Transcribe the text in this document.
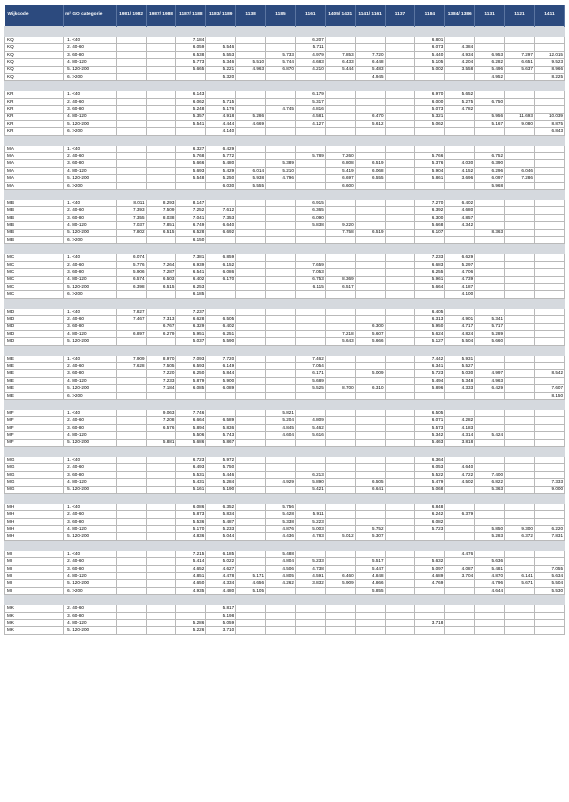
Wijkcode	m² GO categorie	1981/ 1982	1987/ 1988	1187/ 1188	1183/ 1189	1138	1185	1161	1405/ 1431	1141/ 1161	1137	1184	1384/ 1386	1131	1121	1411

KQ	1. <40			7.184				6.207				6.801				
KQ	2. 40-60			6.059	5.546			5.711				6.073	4.384			
KQ	3. 60-80			6.538	5.553		5.733	4.979	7.853	7.720		5.440	4.934	6.953	7.297	12.015
KQ	4. 80-120			5.773	5.346	5.510	5.744	4.683	6.433	6.448		5.105	4.204	6.282	6.651	9.523
KQ	5. 120-200			5.665	5.221	4.963	6.870	4.210	5.444	5.483		5.002	3.558	5.496	5.637	8.966
KQ	6. >200				5.320					4.945				4.952		8.225

KR	1. <40			6.143				6.179				6.970	5.652			
KR	2. 40-60			6.062	5.715			5.317				6.000	5.275	6.750		
KR	3. 60-80			5.248	5.176		4.745	4.816				5.073	4.782			
KR	4. 80-120			5.357	4.918	5.286		4.581		6.470		5.321		5.956	11.693	10.039
KR	5. 120-200			5.541	4.444	4.669		4.127		5.612		5.062		5.167	9.080	8.875
KR	6. >200				4.140											6.843

MA	1. <40			6.327	6.429											
MA	2. 40-60			5.768	5.772			5.789	7.260			5.766		6.752		
MA	3. 60-80			5.666	5.480		5.389		6.808	6.519		5.376	4.030	6.390		
MA	4. 80-120			5.693	5.429	6.014	5.210		5.419	6.068		5.904	4.152	6.296	6.046	
MA	5. 120-200			5.548	5.250	5.938	4.796		6.697	6.555		5.861	3.696	6.097	7.286	
MA	6. >200				6.030	5.555			6.600					5.968		

MB	1. <40	8.011	8.293	8.147				6.915				7.270	6.402			
MB	2. 40-60	7.393	7.509	7.252	7.612			6.365				6.392	4.680			
MB	3. 60-80	7.355	8.038	7.041	7.353			6.090				6.300	4.857			
MB	4. 80-120	7.037	7.851	6.749	6.640			5.838	9.220			5.668	4.342			
MB	5. 120-200	7.802	6.515	6.528	6.692				7.758	6.519		6.107		8.363		
MB	6. >200			6.150												

MC	1. <40	6.074		7.381	6.859							7.233	6.629			
MC	2. 40-60	5.776	7.264	6.939	6.152			7.659				6.683	5.297			
MC	3. 60-80	5.906	7.287	6.541	6.086			7.053				6.255	4.706			
MC	4. 80-120	6.574	6.503	6.402	6.170			6.753	8.369			5.961	4.739			
MC	5. 120-200	6.398	6.515	6.253				6.115	6.517			5.664	4.187			
MC	6. >200			6.185									4.100			

MD	1. <40	7.827		7.237								6.405				
MD	2. 40-60	7.467	7.313	6.628	6.505							6.313	4.901	5.341		
MD	3. 60-80		6.767	6.329	6.402					6.300		5.950	4.717	5.717		
MD	4. 80-120	6.897	6.279	5.951	6.251				7.218	5.607		5.624	4.824	5.289		
MD	5. 120-200			5.037	5.590				5.643	5.666		5.127	5.504	5.660		

ME	1. <40	7.909	8.970	7.093	7.720			7.462				7.442	5.931			
ME	2. 40-60	7.628	7.505	6.593	6.149			7.054				6.341	5.527			
ME	3. 60-80		7.220	6.250	5.844			6.171		5.009		5.723	5.030	4.997		8.542
ME	4. 80-120		7.233	5.879	5.900			5.689				5.494	5.348	4.963		
ME	5. 120-200		7.184	6.085	6.089			5.525	8.700	6.310		5.896	4.333	6.429		7.607
ME	6. >200															8.150

MF	1. <40		9.063	7.746			5.821					6.505				
MF	2. 40-60		7.208	6.664	6.589		5.204	4.809				6.071	4.282			
MF	3. 60-80		6.576	5.894	5.836		4.845	5.462				5.573	4.183			
MF	4. 80-120			5.506	5.743		4.604	5.616				5.342	4.314	5.424		
MF	5. 120-200		5.881	5.686	5.867							5.463	3.818			

MG	1. <40			6.723	5.972							6.364				
MG	2. 40-60			6.493	5.750							6.053	4.640			
MG	3. 60-80			5.531	5.446			6.213				5.522	4.722	7.400		
MG	4. 80-120			5.431	5.284		4.929	5.890		6.505		5.479	4.502	6.822		7.333
MG	5. 120-200			5.161	5.190			5.421		6.641		5.068		5.363		9.000

MH	1. <40			6.086	6.352		5.756					6.848				
MH	2. 40-60			5.873	5.834		5.428	5.911				6.242	6.379			
MH	3. 60-80			5.536	5.487		5.338	5.223				6.082				
MH	4. 80-120			5.170	5.233		4.876	5.003		5.752		5.723		5.850	9.300	6.220
MH	5. 120-200			4.836	5.044		4.436	4.783	5.012	5.307				5.283	6.372	7.831

MI	1. <40			7.215	6.185		5.488						4.476			
MI	2. 40-60			5.414	5.022		4.804	5.233		5.517		5.632		5.636		
MI	3. 60-80			4.652	4.627		4.506	4.738		5.447		5.097	4.087	5.481		7.055
MI	4. 80-120			4.851	4.478	5.171	4.805	4.591	6.460	4.848		4.689	3.704	4.870	6.141	5.634
MI	5. 120-200			4.650	4.334	4.656	4.262	3.832	5.909	4.866		4.769		4.796	5.671	5.504
MI	6. >200			4.935	4.480	5.105				5.855				4.644		5.530

MK	2. 40-60				5.817											
MK	3. 60-80				5.198											
MK	4. 80-120			5.286	5.059							3.718				
MK	5. 120-200			5.226	3.710											
